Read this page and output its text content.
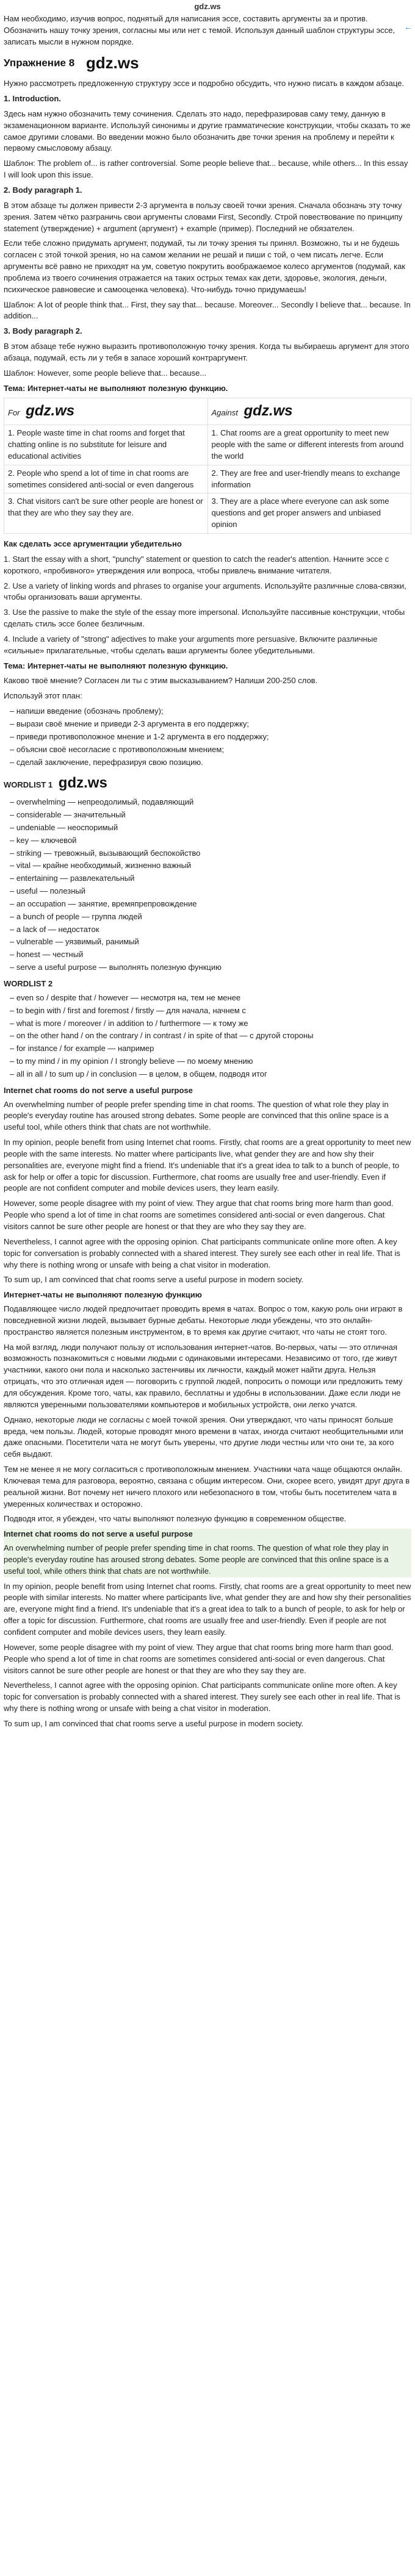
gdz.ws

Нам необходимо, изучив вопрос, поднятый для написания эссе, составить аргументы за и против. Обозначить нашу точку зрения, согласны мы или нет с темой. Используя данный шаблон структуры эссе, записать мысли в нужном порядке.

Упражнение 8 gdz.ws
←

Нужно рассмотреть предложенную структуру эссе и подробно обсудить, что нужно писать в каждом абзаце.

1. Introduction.

Здесь нам нужно обозначить тему сочинения. Сделать это надо, перефразировав саму тему, данную в экзаменационном варианте. Используй синонимы и другие грамматические конструкции, чтобы сказать то же самое другими словами. Во введении можно было обозначить две точки зрения на проблему и перейти к первому смысловому абзацу.

Шаблон: The problem of... is rather controversial. Some people believe that... because, while others... In this essay I will look upon this issue.

2. Body paragraph 1.

В этом абзаце ты должен привести 2-3 аргумента в пользу своей точки зрения. Сначала обозначь эту точку зрения. Затем чётко разграничь свои аргументы словами First, Secondly. Строй повествование по принципу statement (утверждение) + argument (аргумент) + example (пример). Последний не обязателен.

Если тебе сложно придумать аргумент, подумай, ты ли точку зрения ты принял. Возможно, ты и не будешь согласен с этой точкой зрения, но на самом желании не решай и пиши с той, о чем писать легче. Если аргументы всё равно не приходят на ум, советую покрутить воображаемое колесо аргументов (подумай, как проблема из твоего сочинения отражается на таких острых темах как дети, здоровье, экология, деньги, психическое равновесие и самооценка человека). Что-нибудь точно придумаешь!

Шаблон: A lot of people think that... First, they say that... because. Moreover... Secondly I believe that... because. In addition...

3. Body paragraph 2.

В этом абзаце тебе нужно выразить противоположную точку зрения. Когда ты выбираешь аргумент для этого абзаца, подумай, есть ли у тебя в запасе хороший контраргумент.

Шаблон: However, some people believe that... because...

Тема: Интернет-чаты не выполняют полезную функцию.

For gdz.ws	Against gdz.ws
1. People waste time in chat rooms and forget that chatting online is no substitute for leisure and educational activities	1. Chat rooms are a great opportunity to meet new people with the same or different interests from around the world
2. People who spend a lot of time in chat rooms are sometimes considered anti-social or even dangerous	2. They are free and user-friendly means to exchange information
3. Chat visitors can't be sure other people are honest or that they are who they say they are.	3. They are a place where everyone can ask some questions and get proper answers and unbiased opinion

Как сделать эссе аргументации убедительно

1. Start the essay with a short, "punchy" statement or question to catch the reader's attention. Начните эссе с короткого, «пробивного» утверждения или вопроса, чтобы привлечь внимание читателя.

2. Use a variety of linking words and phrases to organise your arguments. Используйте различные слова-связки, чтобы организовать ваши аргументы.

3. Use the passive to make the style of the essay more impersonal. Используйте пассивные конструкции, чтобы сделать стиль эссе более безличным.

4. Include a variety of "strong" adjectives to make your arguments more persuasive. Включите различные «сильные» прилагательные, чтобы сделать ваши аргументы более убедительными.

Тема: Интернет-чаты не выполняют полезную функцию.

Каково твоё мнение? Согласен ли ты с этим высказыванием? Напиши 200-250 слов.

Используй этот план:

– напиши введение (обозначь проблему);
– вырази своё мнение и приведи 2-3 аргумента в его поддержку;
– приведи противоположное мнение и 1-2 аргумента в его поддержку;
– объясни своё несогласие с противоположным мнением;
– сделай заключение, перефразируя свою позицию.
WORDLIST 1 gdz.ws
– overwhelming — непреодолимый, подавляющий
– considerable — значительный
– undeniable — неоспоримый
– key — ключевой
– striking — тревожный, вызывающий беспокойство
– vital — крайне необходимый, жизненно важный
– entertaining — развлекательный
– useful — полезный
– an occupation — занятие, времяпрепровождение
– a bunch of people — группа людей
– a lack of — недостаток
– vulnerable — уязвимый, ранимый
– honest — честный
– serve a useful purpose — выполнять полезную функцию
WORDLIST 2
– even so / despite that / however — несмотря на, тем не менее
– to begin with / first and foremost / firstly — для начала, начнем с
– what is more / moreover / in addition to / furthermore — к тому же
– on the other hand / on the contrary / in contrast / in spite of that — с другой стороны
– for instance / for example — например
– to my mind / in my opinion / I strongly believe — по моему мнению
– all in all / to sum up / in conclusion — в целом, в общем, подводя итог
Internet chat rooms do not serve a useful purpose

An overwhelming number of people prefer spending time in chat rooms. The question of what role they play in people's everyday routine has aroused strong debates. Some people are convinced that this online space is a useful tool, while others think that chats are not worthwhile.

In my opinion, people benefit from using Internet chat rooms. Firstly, chat rooms are a great opportunity to meet new people with the same interests. No matter where participants live, what gender they are and how shy their personalities are, everyone might find a friend. It's undeniable that it's a great idea to talk to a bunch of people, to ask for help or offer a topic for discussion. Furthermore, chat rooms are usually free and user-friendly. Even if people are not confident computer and mobile devices users, they learn easily.

However, some people disagree with my point of view. They argue that chat rooms bring more harm than good. People who spend a lot of time in chat rooms are sometimes considered anti-social or even dangerous. Chat visitors cannot be sure other people are honest or that they are who they say they are.

Nevertheless, I cannot agree with the opposing opinion. Chat participants communicate online more often. A key topic for conversation is probably connected with a shared interest. They surely see each other in real life. That is why there is nothing wrong or unsafe with being a chat visitor in moderation.

To sum up, I am convinced that chat rooms serve a useful purpose in modern society.

Интернет-чаты не выполняют полезную функцию

Подавляющее число людей предпочитает проводить время в чатах. Вопрос о том, какую роль они играют в повседневной жизни людей, вызывает бурные дебаты. Некоторые люди убеждены, что это онлайн-пространство является полезным инструментом, в то время как другие считают, что чаты не стоят того.

На мой взгляд, люди получают пользу от использования интернет-чатов. Во-первых, чаты — это отличная возможность познакомиться с новыми людьми с одинаковыми интересами. Независимо от того, где живут участники, какого они пола и насколько застенчивы их личности, каждый может найти друга. Нельзя отрицать, что это отличная идея — поговорить с группой людей, попросить о помощи или предложить тему для обсуждения. Кроме того, чаты, как правило, бесплатны и удобны в использовании. Даже если люди не являются уверенными пользователями компьютеров и мобильных устройств, они легко учатся.

Однако, некоторые люди не согласны с моей точкой зрения. Они утверждают, что чаты приносят больше вреда, чем пользы. Людей, которые проводят много времени в чатах, иногда считают необщительными или даже опасными. Посетители чата не могут быть уверены, что другие люди честны или что они те, за кого себя выдают.

Тем не менее я не могу согласиться с противоположным мнением. Участники чата чаще общаются онлайн. Ключевая тема для разговора, вероятно, связана с общим интересом. Они, скорее всего, увидят друг друга в реальной жизни. Вот почему нет ничего плохого или небезопасного в том, чтобы быть посетителем чата в умеренных количествах и осторожно.

Подводя итог, я убежден, что чаты выполняют полезную функцию в современном обществе.

Internet chat rooms do not serve a useful purpose

An overwhelming number of people prefer spending time in chat rooms. The question of what role they play in people's everyday routine has aroused strong debates. Some people are convinced that this online space is a useful tool, while others think that chats are not worthwhile.

In my opinion, people benefit from using Internet chat rooms. Firstly, chat rooms are a great opportunity to meet new people with similar interests. No matter where participants live, what gender they are and how shy their personalities are, everyone might find a friend. It's undeniable that it's a great idea to talk to a bunch of people, to ask for help or offer a topic for discussion. Furthermore, chat rooms are usually free and user-friendly. Even if people are not confident computer and mobile devices users, they learn easily.

However, some people disagree with my point of view. They argue that chat rooms bring more harm than good. People who spend a lot of time in chat rooms are sometimes considered anti-social or even dangerous. Chat visitors cannot be sure other people are honest or that they are who they say they are.

Nevertheless, I cannot agree with the opposing opinion. Chat participants communicate online more often. A key topic for conversation is probably connected with a shared interest. They surely see each other in real life. That is why there is nothing wrong or unsafe with being a chat visitor in moderation.

To sum up, I am convinced that chat rooms serve a useful purpose in modern society.
